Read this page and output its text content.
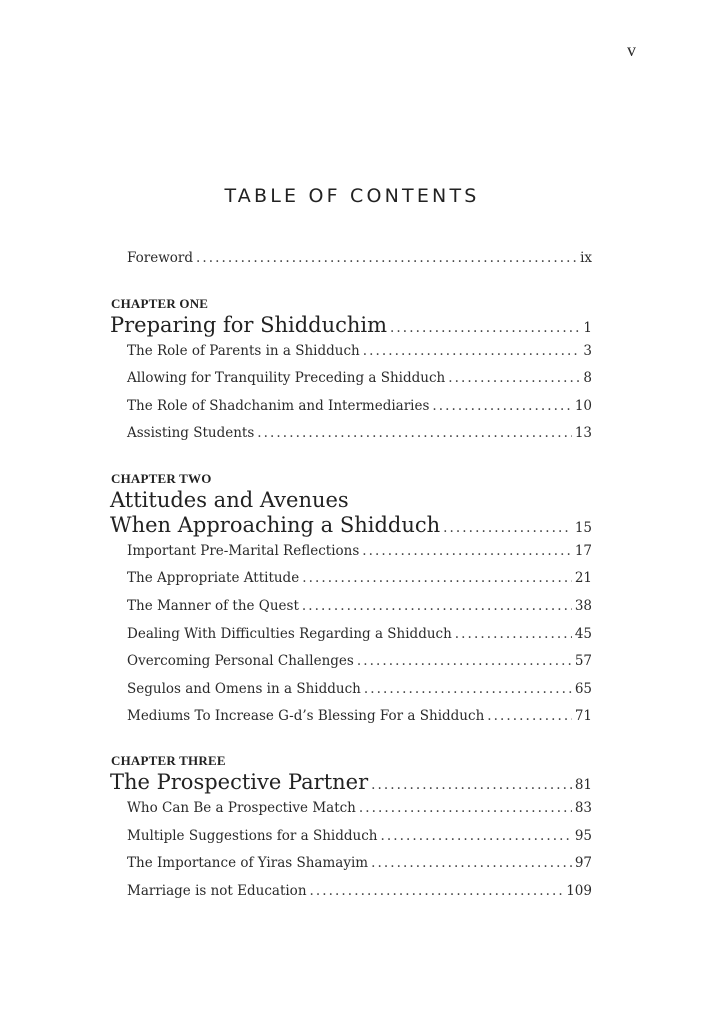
v
TABLE OF CONTENTS
Foreword . . .	ix
CHAPTER ONE
Preparing for Shidduchim . . .	1
The Role of Parents in a Shidduch . . .	3
Allowing for Tranquility Preceding a Shidduch . . .	8
The Role of Shadchanim and Intermediaries . . .	10
Assisting Students . . .	13
CHAPTER TWO
Attitudes and Avenues
When Approaching a Shidduch . . .	15
Important Pre-Marital Reflections . . .	17
The Appropriate Attitude . . .	21
The Manner of the Quest . . .	38
Dealing With Difficulties Regarding a Shidduch . . .	45
Overcoming Personal Challenges . . .	57
Segulos and Omens in a Shidduch . . .	65
Mediums To Increase G-d’s Blessing For a Shidduch . . .	71
CHAPTER THREE
The Prospective Partner . . .	81
Who Can Be a Prospective Match . . .	83
Multiple Suggestions for a Shidduch . . .	95
The Importance of Yiras Shamayim . . .	97
Marriage is not Education . . .	109
